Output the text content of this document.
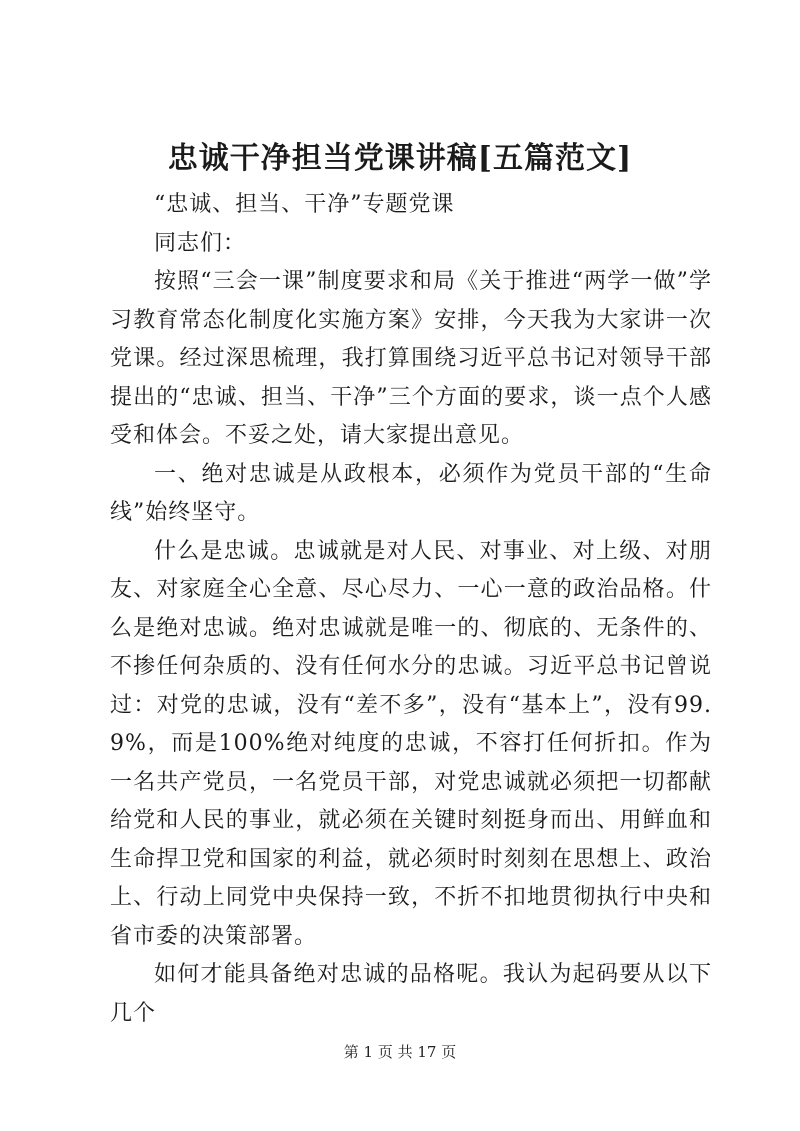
忠诚干净担当党课讲稿[五篇范文]

“忠诚、担当、干净”专题党课

同志们：

按照“三会一课”制度要求和局《关于推进“两学一做”学习教育常态化制度化实施方案》安排，今天我为大家讲一次党课。经过深思梳理，我打算围绕习近平总书记对领导干部提出的“忠诚、担当、干净”三个方面的要求，谈一点个人感受和体会。不妥之处，请大家提出意见。

一、绝对忠诚是从政根本，必须作为党员干部的“生命线”始终坚守。

什么是忠诚。忠诚就是对人民、对事业、对上级、对朋友、对家庭全心全意、尽心尽力、一心一意的政治品格。什么是绝对忠诚。绝对忠诚就是唯一的、彻底的、无条件的、不掺任何杂质的、没有任何水分的忠诚。习近平总书记曾说过：对党的忠诚，没有“差不多”，没有“基本上”，没有99.9%，而是100%绝对纯度的忠诚，不容打任何折扣。作为一名共产党员，一名党员干部，对党忠诚就必须把一切都献给党和人民的事业，就必须在关键时刻挺身而出、用鲜血和生命捍卫党和国家的利益，就必须时时刻刻在思想上、政治上、行动上同党中央保持一致，不折不扣地贯彻执行中央和省市委的决策部署。

如何才能具备绝对忠诚的品格呢。我认为起码要从以下几个

第 1 页 共 17 页
